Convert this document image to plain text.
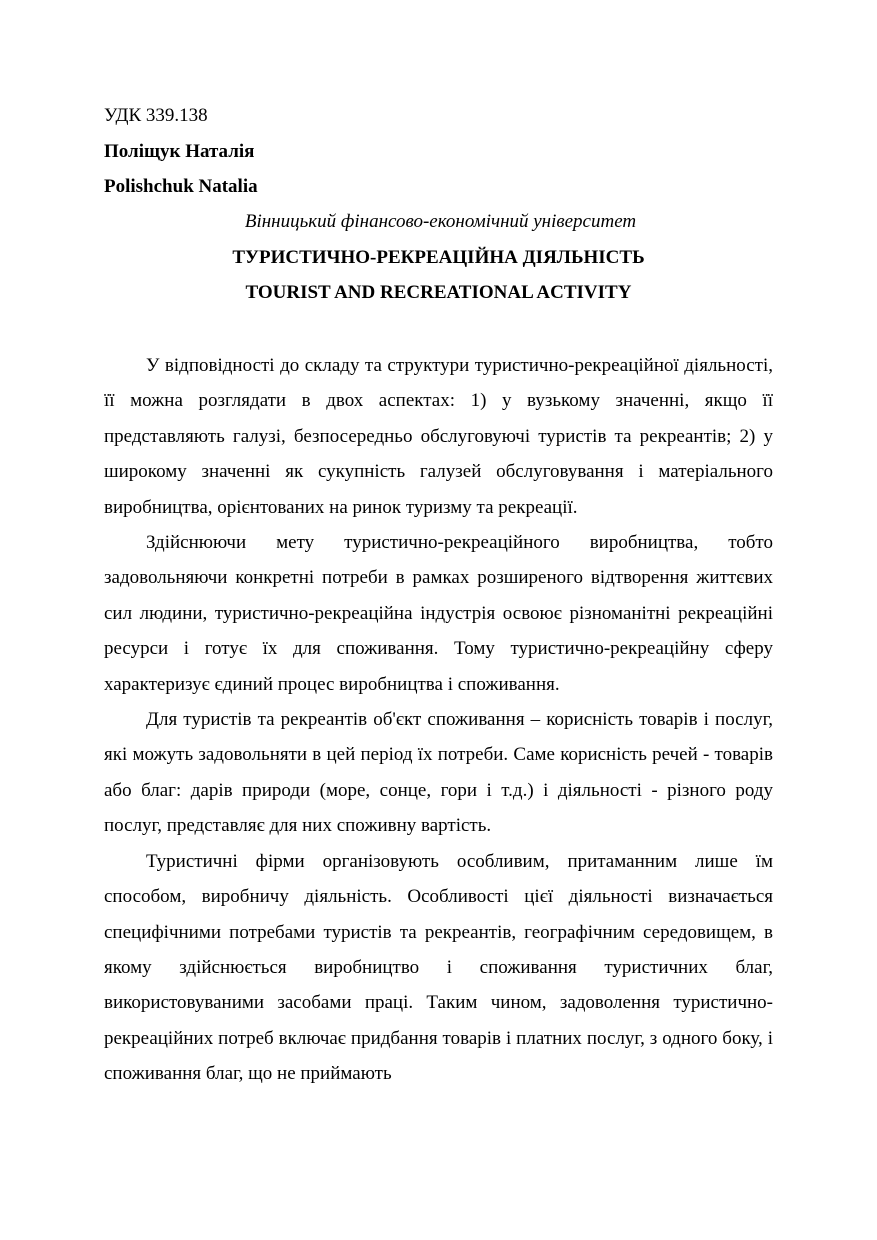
УДК 339.138
Поліщук Наталія
Polishchuk Natalia
Вінницький фінансово-економічний університет
ТУРИСТИЧНО-РЕКРЕАЦІЙНА ДІЯЛЬНІСТЬ
TOURIST AND RECREATIONAL ACTIVITY

У відповідності до складу та структури туристично-рекреаційної діяльності, її можна розглядати в двох аспектах: 1) у вузькому значенні, якщо її представляють галузі, безпосередньо обслуговуючі туристів та рекреантів; 2) у широкому значенні як сукупність галузей обслуговування і матеріального виробництва, орієнтованих на ринок туризму та рекреації.

Здійснюючи мету туристично-рекреаційного виробництва, тобто задовольняючи конкретні потреби в рамках розширеного відтворення життєвих сил людини, туристично-рекреаційна індустрія освоює різноманітні рекреаційні ресурси і готує їх для споживання. Тому туристично-рекреаційну сферу характеризує єдиний процес виробництва і споживання.

Для туристів та рекреантів об'єкт споживання – корисність товарів і послуг, які можуть задовольняти в цей період їх потреби. Саме корисність речей - товарів або благ: дарів природи (море, сонце, гори і т.д.) і діяльності - різного роду послуг, представляє для них споживну вартість.

Туристичні фірми організовують особливим, притаманним лише їм способом, виробничу діяльність. Особливості цієї діяльності визначається специфічними потребами туристів та рекреантів, географічним середовищем, в якому здійснюється виробництво і споживання туристичних благ, використовуваними засобами праці. Таким чином, задоволення туристично-рекреаційних потреб включає придбання товарів і платних послуг, з одного боку, і споживання благ, що не приймають
